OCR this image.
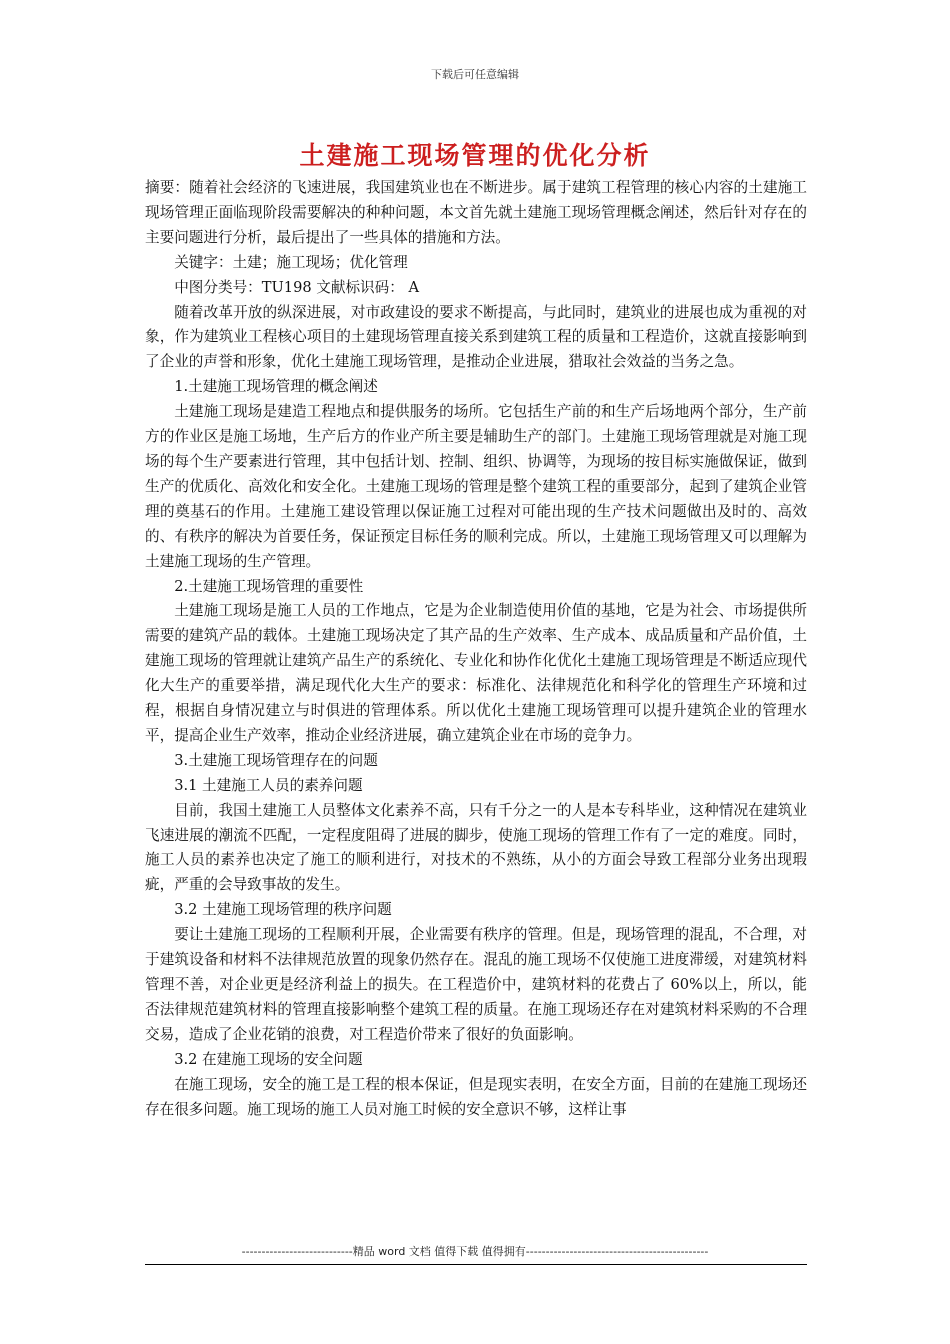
下载后可任意编辑
土建施工现场管理的优化分析

摘要：随着社会经济的飞速进展，我国建筑业也在不断进步。属于建筑工程管理的核心内容的土建施工现场管理正面临现阶段需要解决的种种问题，本文首先就土建施工现场管理概念阐述，然后针对存在的主要问题进行分析，最后提出了一些具体的措施和方法。

关键字：土建；施工现场；优化管理

中图分类号：TU198 文献标识码： A

随着改革开放的纵深进展，对市政建设的要求不断提高，与此同时，建筑业的进展也成为重视的对象，作为建筑业工程核心项目的土建现场管理直接关系到建筑工程的质量和工程造价，这就直接影响到了企业的声誉和形象，优化土建施工现场管理，是推动企业进展，猎取社会效益的当务之急。

1.土建施工现场管理的概念阐述

土建施工现场是建造工程地点和提供服务的场所。它包括生产前的和生产后场地两个部分，生产前方的作业区是施工场地，生产后方的作业产所主要是辅助生产的部门。土建施工现场管理就是对施工现场的每个生产要素进行管理，其中包括计划、控制、组织、协调等，为现场的按目标实施做保证，做到生产的优质化、高效化和安全化。土建施工现场的管理是整个建筑工程的重要部分，起到了建筑企业管理的奠基石的作用。土建施工建设管理以保证施工过程对可能出现的生产技术问题做出及时的、高效的、有秩序的解决为首要任务，保证预定目标任务的顺利完成。所以，土建施工现场管理又可以理解为土建施工现场的生产管理。

2.土建施工现场管理的重要性

土建施工现场是施工人员的工作地点，它是为企业制造使用价值的基地，它是为社会、市场提供所需要的建筑产品的载体。土建施工现场决定了其产品的生产效率、生产成本、成品质量和产品价值，土建施工现场的管理就让建筑产品生产的系统化、专业化和协作化优化土建施工现场管理是不断适应现代化大生产的重要举措，满足现代化大生产的要求：标准化、法律规范化和科学化的管理生产环境和过程，根据自身情况建立与时俱进的管理体系。所以优化土建施工现场管理可以提升建筑企业的管理水平，提高企业生产效率，推动企业经济进展，确立建筑企业在市场的竞争力。

3.土建施工现场管理存在的问题

3.1 土建施工人员的素养问题

目前，我国土建施工人员整体文化素养不高，只有千分之一的人是本专科毕业，这种情况在建筑业飞速进展的潮流不匹配，一定程度阻碍了进展的脚步，使施工现场的管理工作有了一定的难度。同时，施工人员的素养也决定了施工的顺利进行，对技术的不熟练，从小的方面会导致工程部分业务出现瑕疵，严重的会导致事故的发生。

3.2 土建施工现场管理的秩序问题

要让土建施工现场的工程顺利开展，企业需要有秩序的管理。但是，现场管理的混乱，不合理，对于建筑设备和材料不法律规范放置的现象仍然存在。混乱的施工现场不仅使施工进度滞缓，对建筑材料管理不善，对企业更是经济利益上的损失。在工程造价中，建筑材料的花费占了 60%以上，所以，能否法律规范建筑材料的管理直接影响整个建筑工程的质量。在施工现场还存在对建筑材料采购的不合理交易，造成了企业花销的浪费，对工程造价带来了很好的负面影响。

3.2 在建施工现场的安全问题

在施工现场，安全的施工是工程的根本保证，但是现实表明，在安全方面，目前的在建施工现场还存在很多问题。施工现场的施工人员对施工时候的安全意识不够，这样让事

----------------------------精品 word 文档 值得下载 值得拥有----------------------------------------------
